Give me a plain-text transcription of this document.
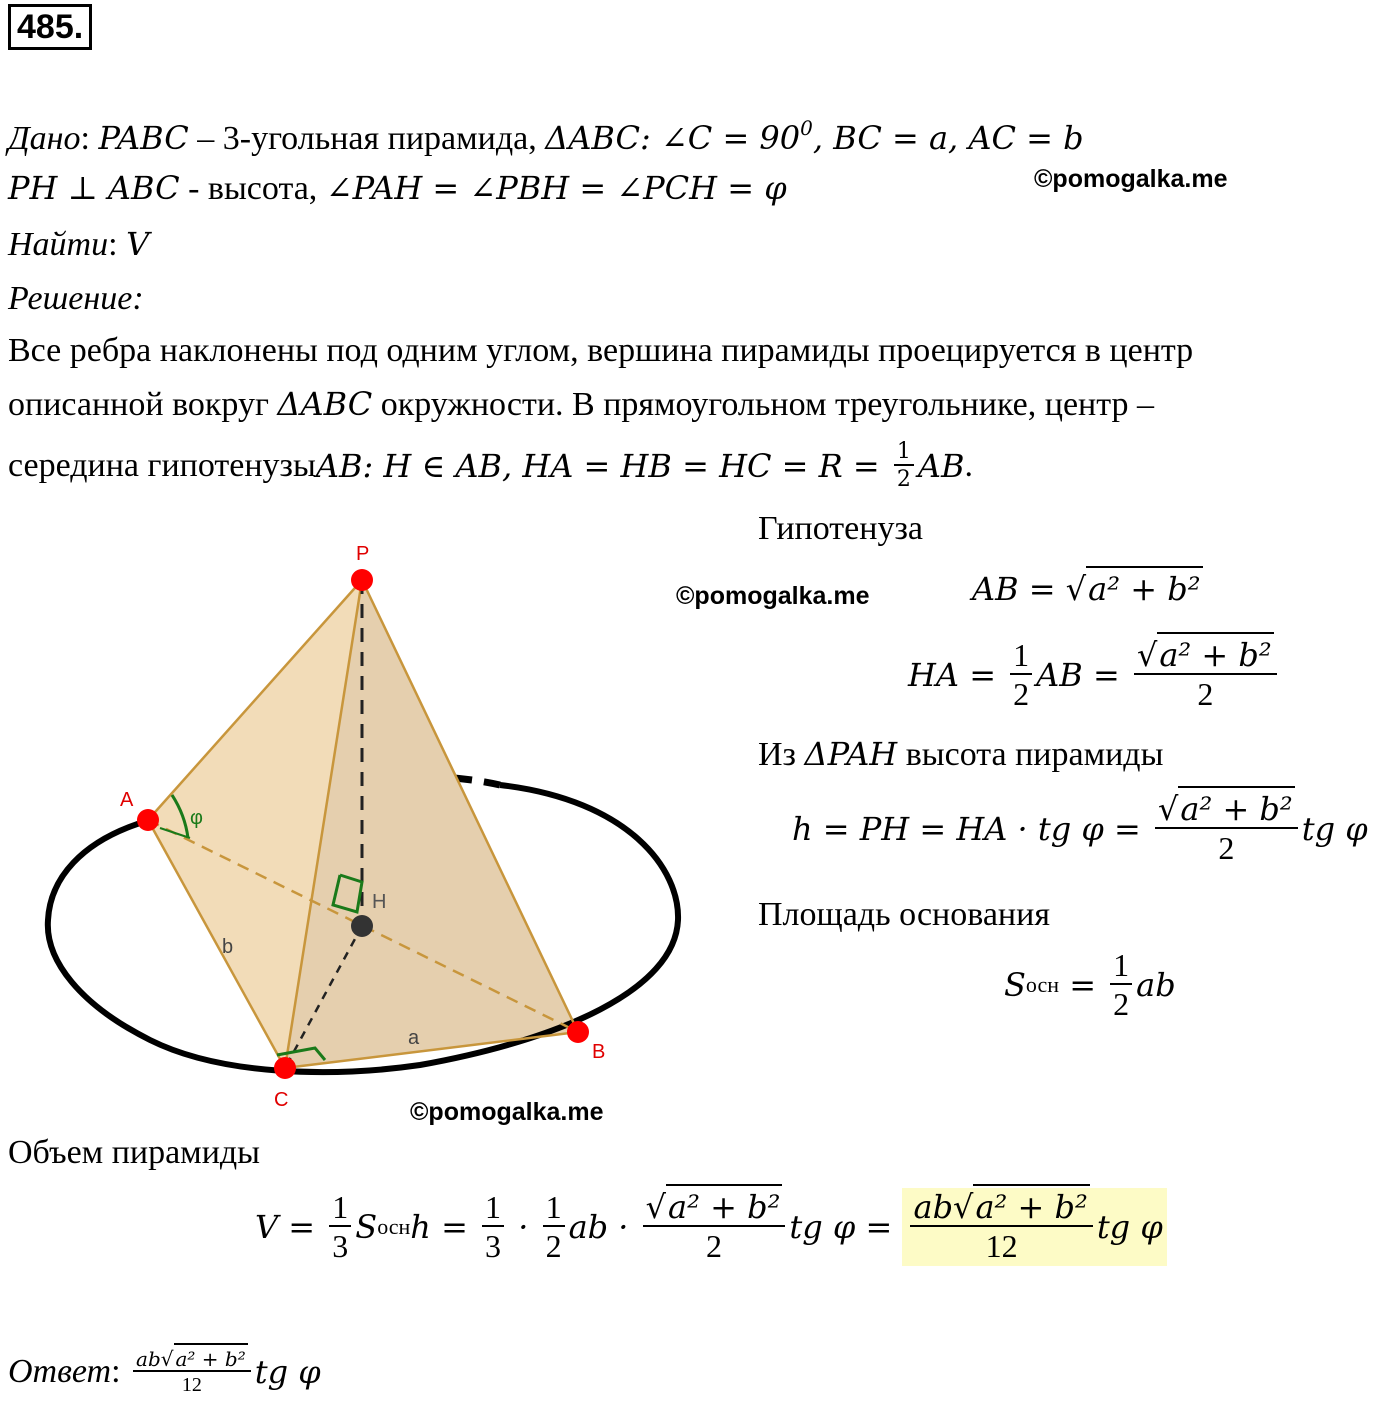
485.
Дано: PABC – 3-угольная пирамида, ΔABC: ∠C = $90^0$, BC = a, AC = b
PH ⊥ ABC - высота, ∠PAH = ∠PBH = ∠PCH = φ	©pomogalka.me
Найти: V
Решение:
Все ребра наклонены под одним углом, вершина пирамиды проецируется в центр
описанной вокруг ΔABC окружности. В прямоугольном треугольнике, центр –
середина гипотенузы AB: H ∈ AB, HA = HB = HC = $R = \frac{1}{2}$ AB .
P
A
B
C
H
φ
a
b
©pomogalka.me
©pomogalka.me
Гипотенуза
AB = √a² + b²
HA = $\frac{1}{2}$ AB = $\frac{\text{√a² + b²}}{2}$
Из ΔPAH высота пирамиды
h = PH = HA · tg $\varphi = \frac{\text{√a² + b²}}{2}$ tg φ
Площадь основания
S осн = $\frac{1}{2}$ ab
Объем пирамиды
$V = \frac{1}{3}$ S осн $h = \frac{1}{3} \cdot \frac{1}{2}$ ab · $\frac{\text{√a² + b²}}{2}$ tg $\varphi = \frac{\text{ab√a² + b²}}{12}$ tg φ
Ответ : $\frac{\text{ab√ a² + b²}}{12}$ tg φ
